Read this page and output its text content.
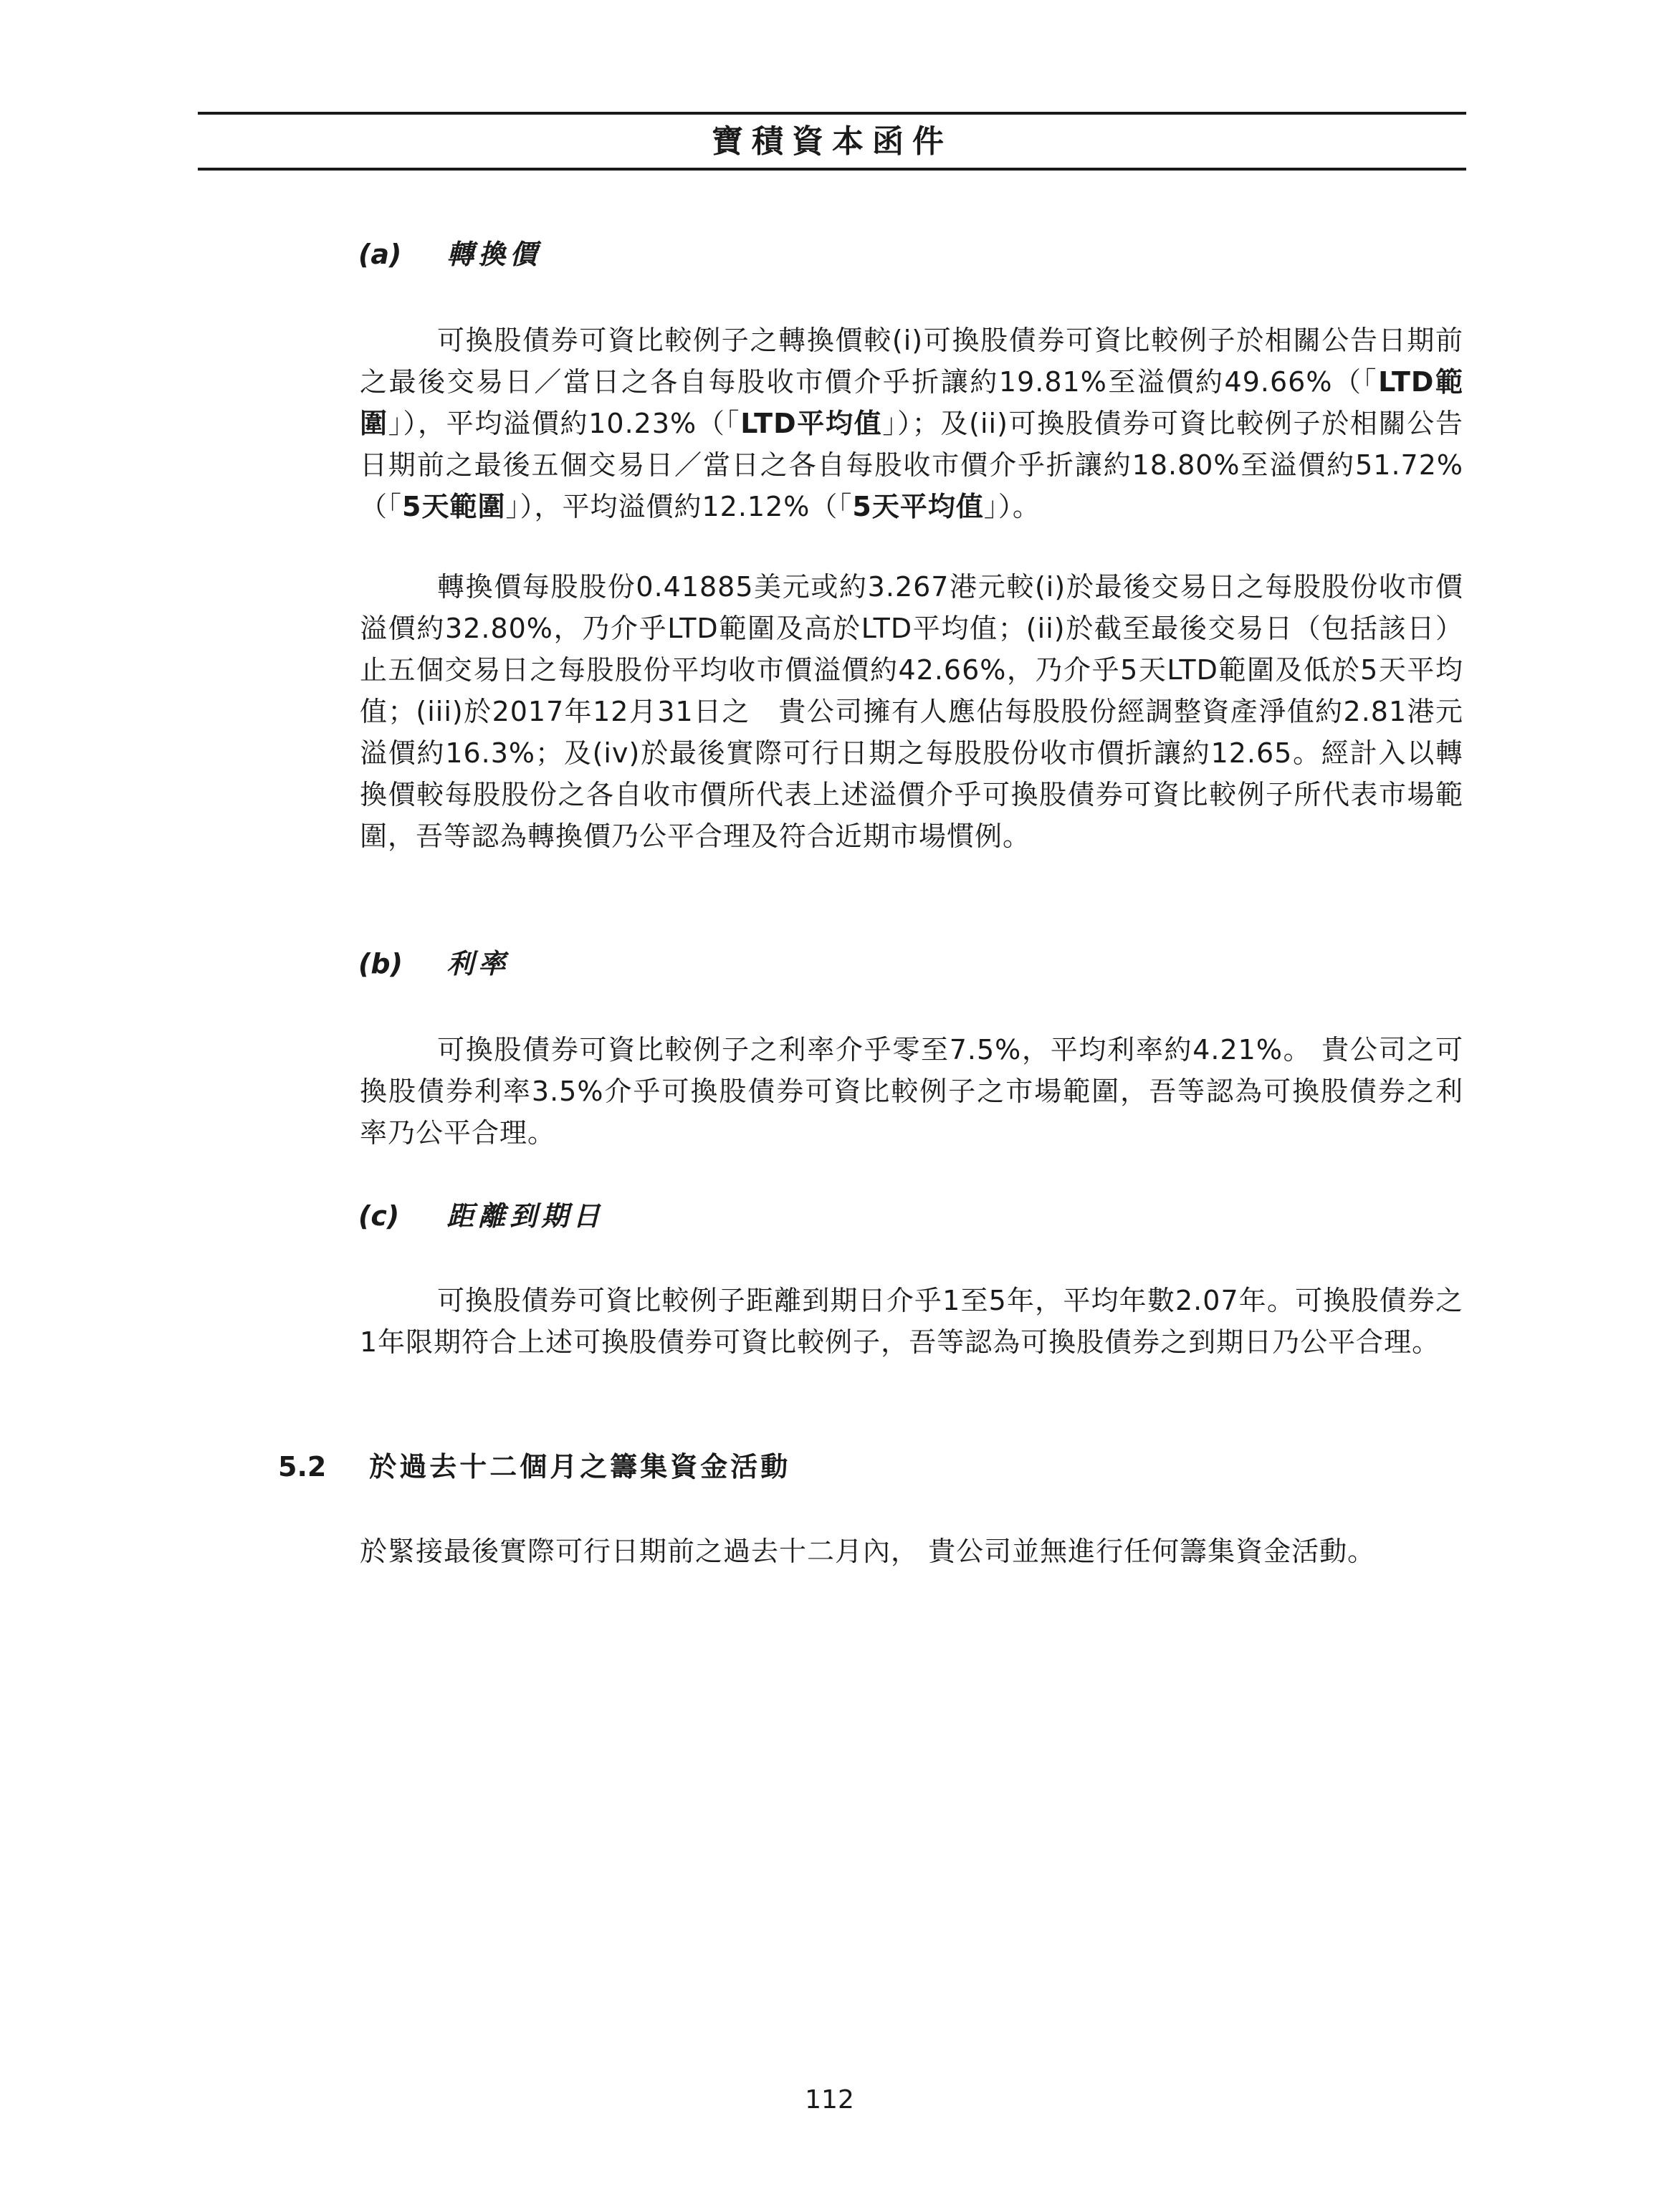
寶積資本函件
(a) 轉換價

可換股債券可資比較例子之轉換價較(i)可換股債券可資比較例子於相關公告日期前之最後交易日／當日之各自每股收市價介乎折讓約19.81%至溢價約49.66%（「LTD範圍」），平均溢價約10.23%（「LTD平均值」）；及(ii)可換股債券可資比較例子於相關公告日期前之最後五個交易日／當日之各自每股收市價介乎折讓約18.80%至溢價約51.72%（「5天範圍」），平均溢價約12.12%（「5天平均值」）。

轉換價每股股份0.41885美元或約3.267港元較(i)於最後交易日之每股股份收市價溢價約32.80%，乃介乎LTD範圍及高於LTD平均值；(ii)於截至最後交易日（包括該日）止五個交易日之每股股份平均收市價溢價約42.66%，乃介乎5天LTD範圍及低於5天平均值；(iii)於2017年12月31日之　貴公司擁有人應佔每股股份經調整資產淨值約2.81港元溢價約16.3%；及(iv)於最後實際可行日期之每股股份收市價折讓約12.65。經計入以轉換價較每股股份之各自收市價所代表上述溢價介乎可換股債券可資比較例子所代表市場範圍，吾等認為轉換價乃公平合理及符合近期市場慣例。

(b) 利率

可換股債券可資比較例子之利率介乎零至7.5%，平均利率約4.21%。 貴公司之可換股債券利率3.5%介乎可換股債券可資比較例子之市場範圍，吾等認為可換股債券之利率乃公平合理。

(c) 距離到期日

可換股債券可資比較例子距離到期日介乎1至5年，平均年數2.07年。可換股債券之1年限期符合上述可換股債券可資比較例子，吾等認為可換股債券之到期日乃公平合理。

5.2 於過去十二個月之籌集資金活動

於緊接最後實際可行日期前之過去十二月內， 貴公司並無進行任何籌集資金活動。

112
